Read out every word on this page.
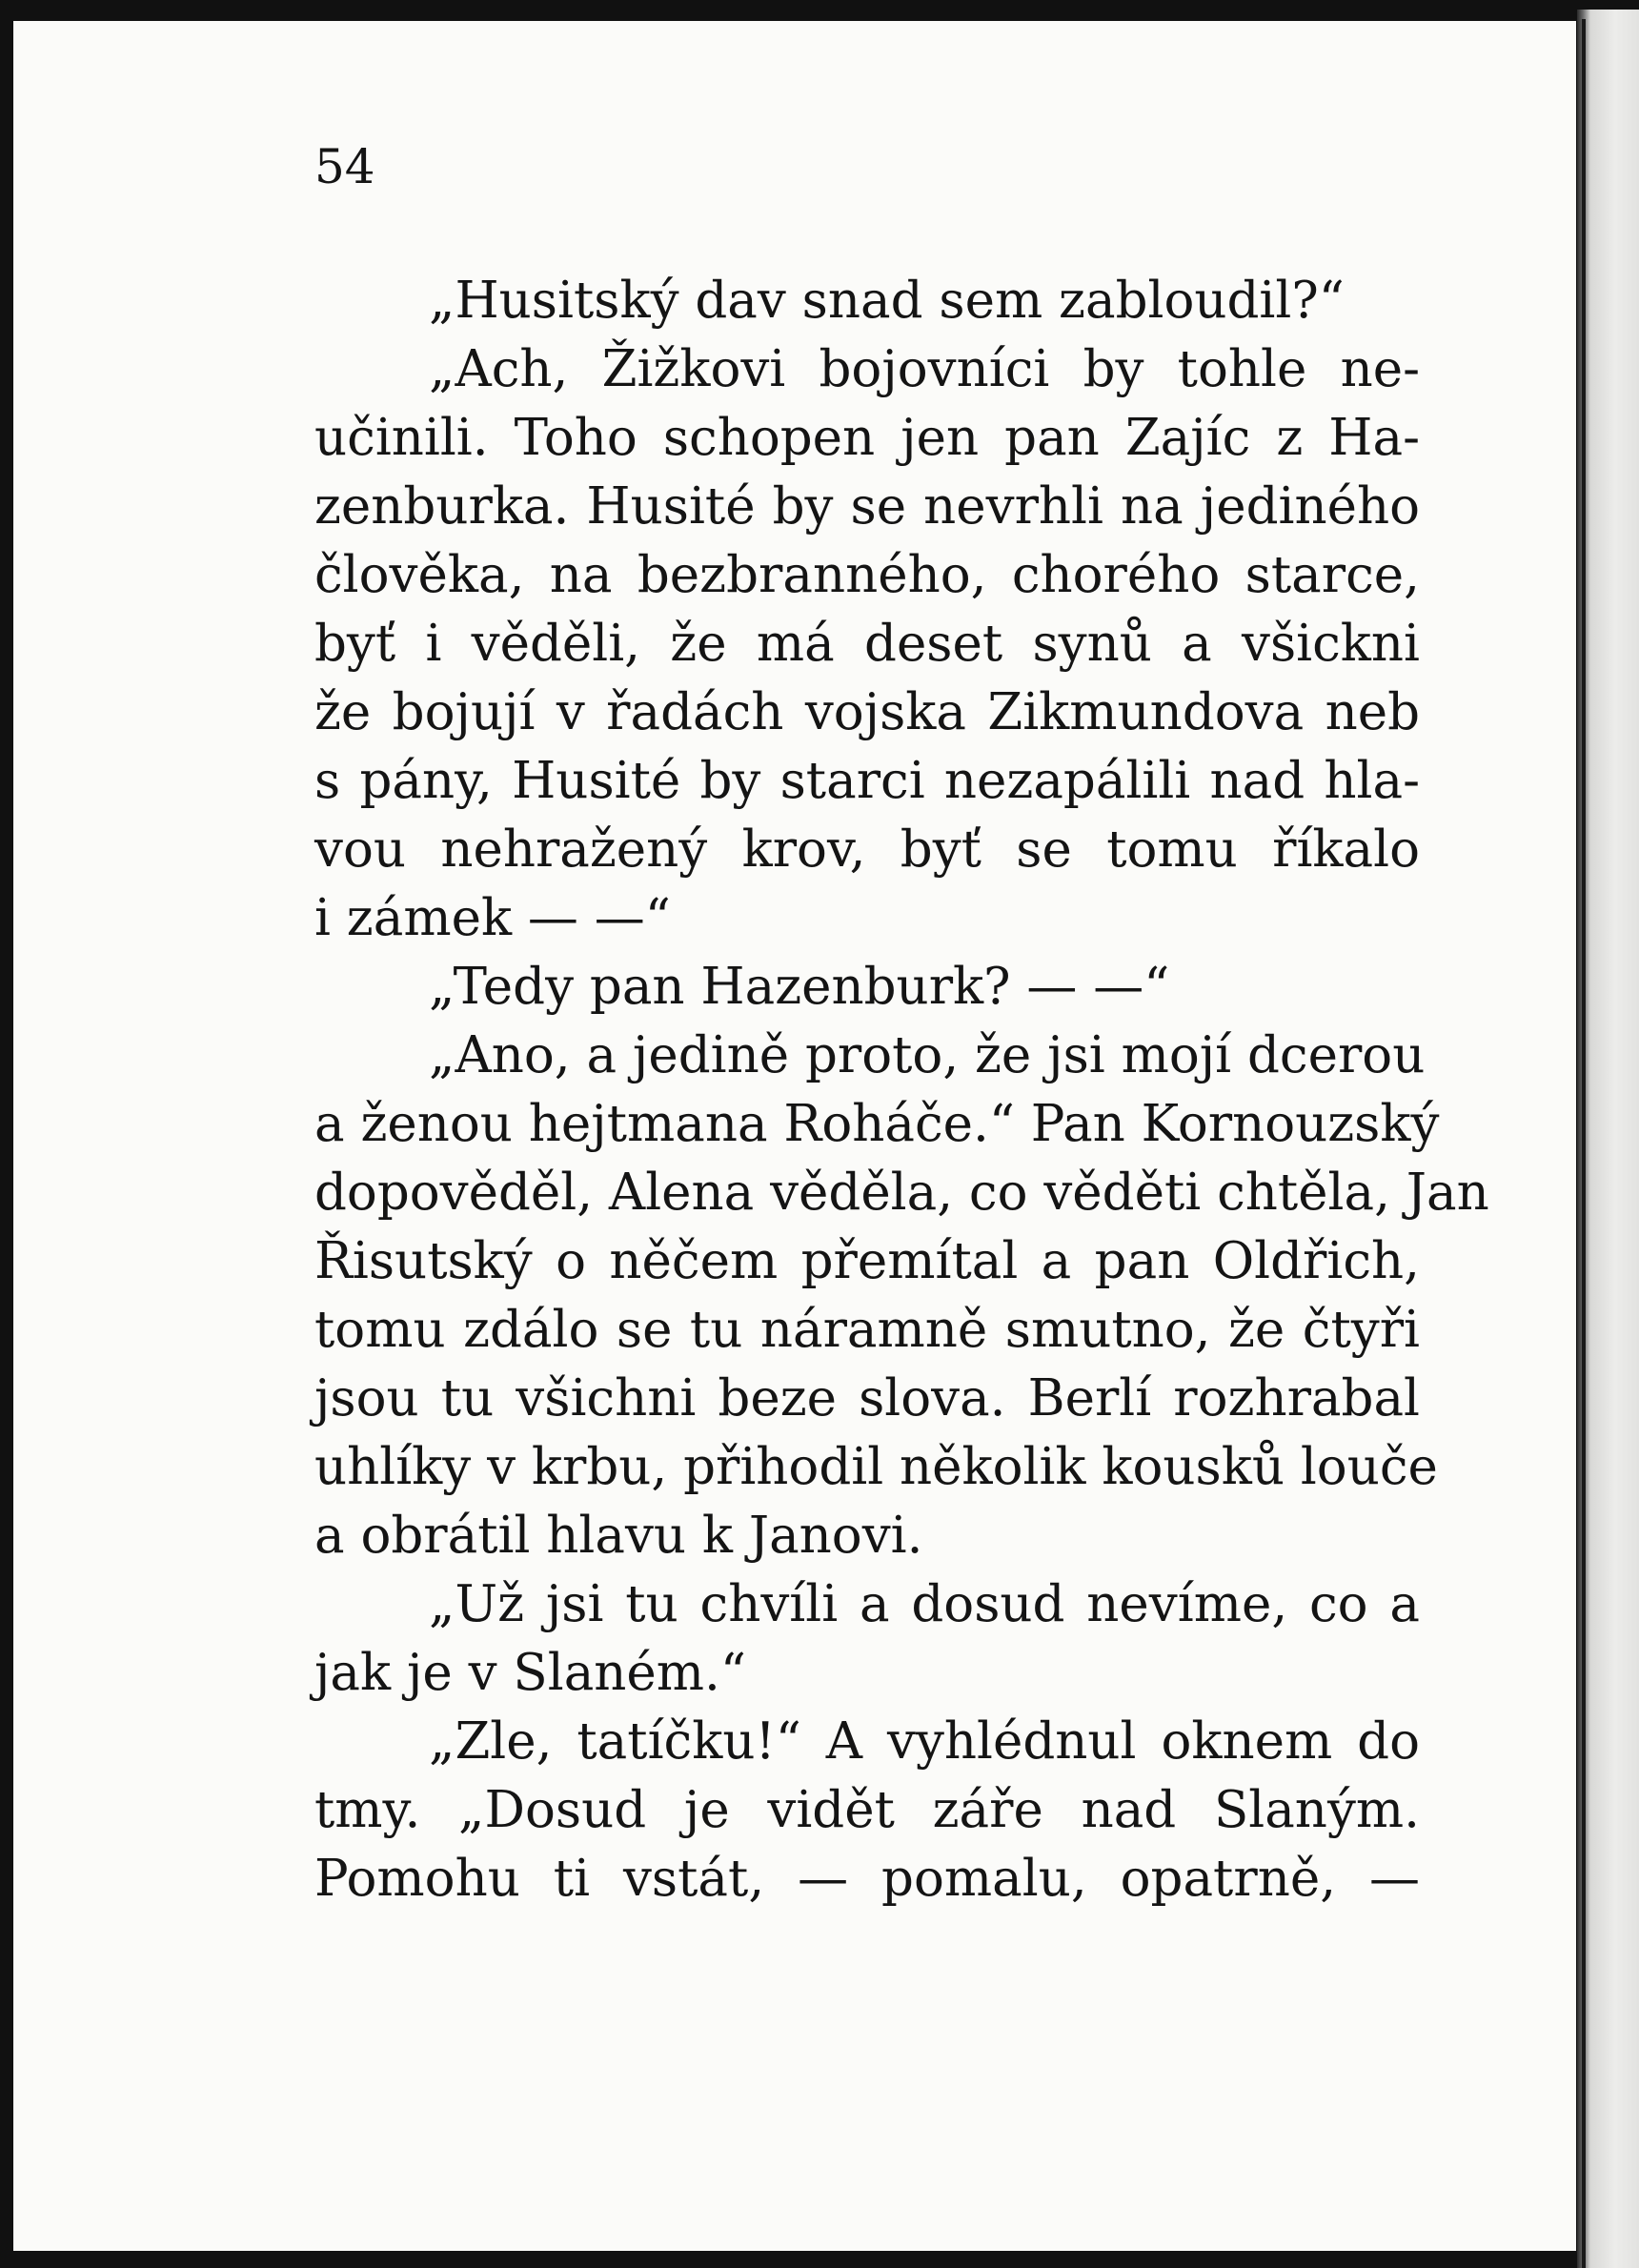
54

„Husitský dav snad sem zabloudil?“
„Ach, Žižkovi bojovníci by tohle ne-
učinili. Toho schopen jen pan Zajíc z Ha-
zenburka. Husité by se nevrhli na jediného
člověka, na bezbranného, chorého starce,
byť i věděli, že má deset synů a všickni
že bojují v řadách vojska Zikmundova neb
s pány, Husité by starci nezapálili nad hla-
vou nehražený krov, byť se tomu říkalo
i zámek — —“
„Tedy pan Hazenburk? — —“
„Ano, a jedině proto, že jsi mojí dcerou
a ženou hejtmana Roháče.“ Pan Kornouzský
dopověděl, Alena věděla, co věděti chtěla, Jan
Řisutský o něčem přemítal a pan Oldřich,
tomu zdálo se tu náramně smutno, že čtyři
jsou tu všichni beze slova. Berlí rozhrabal
uhlíky v krbu, přihodil několik kousků louče
a obrátil hlavu k Janovi.
„Už jsi tu chvíli a dosud nevíme, co a
jak je v Slaném.“
„Zle, tatíčku!“ A vyhlédnul oknem do
tmy. „Dosud je vidět záře nad Slaným.
Pomohu ti vstát, — pomalu, opatrně, —
